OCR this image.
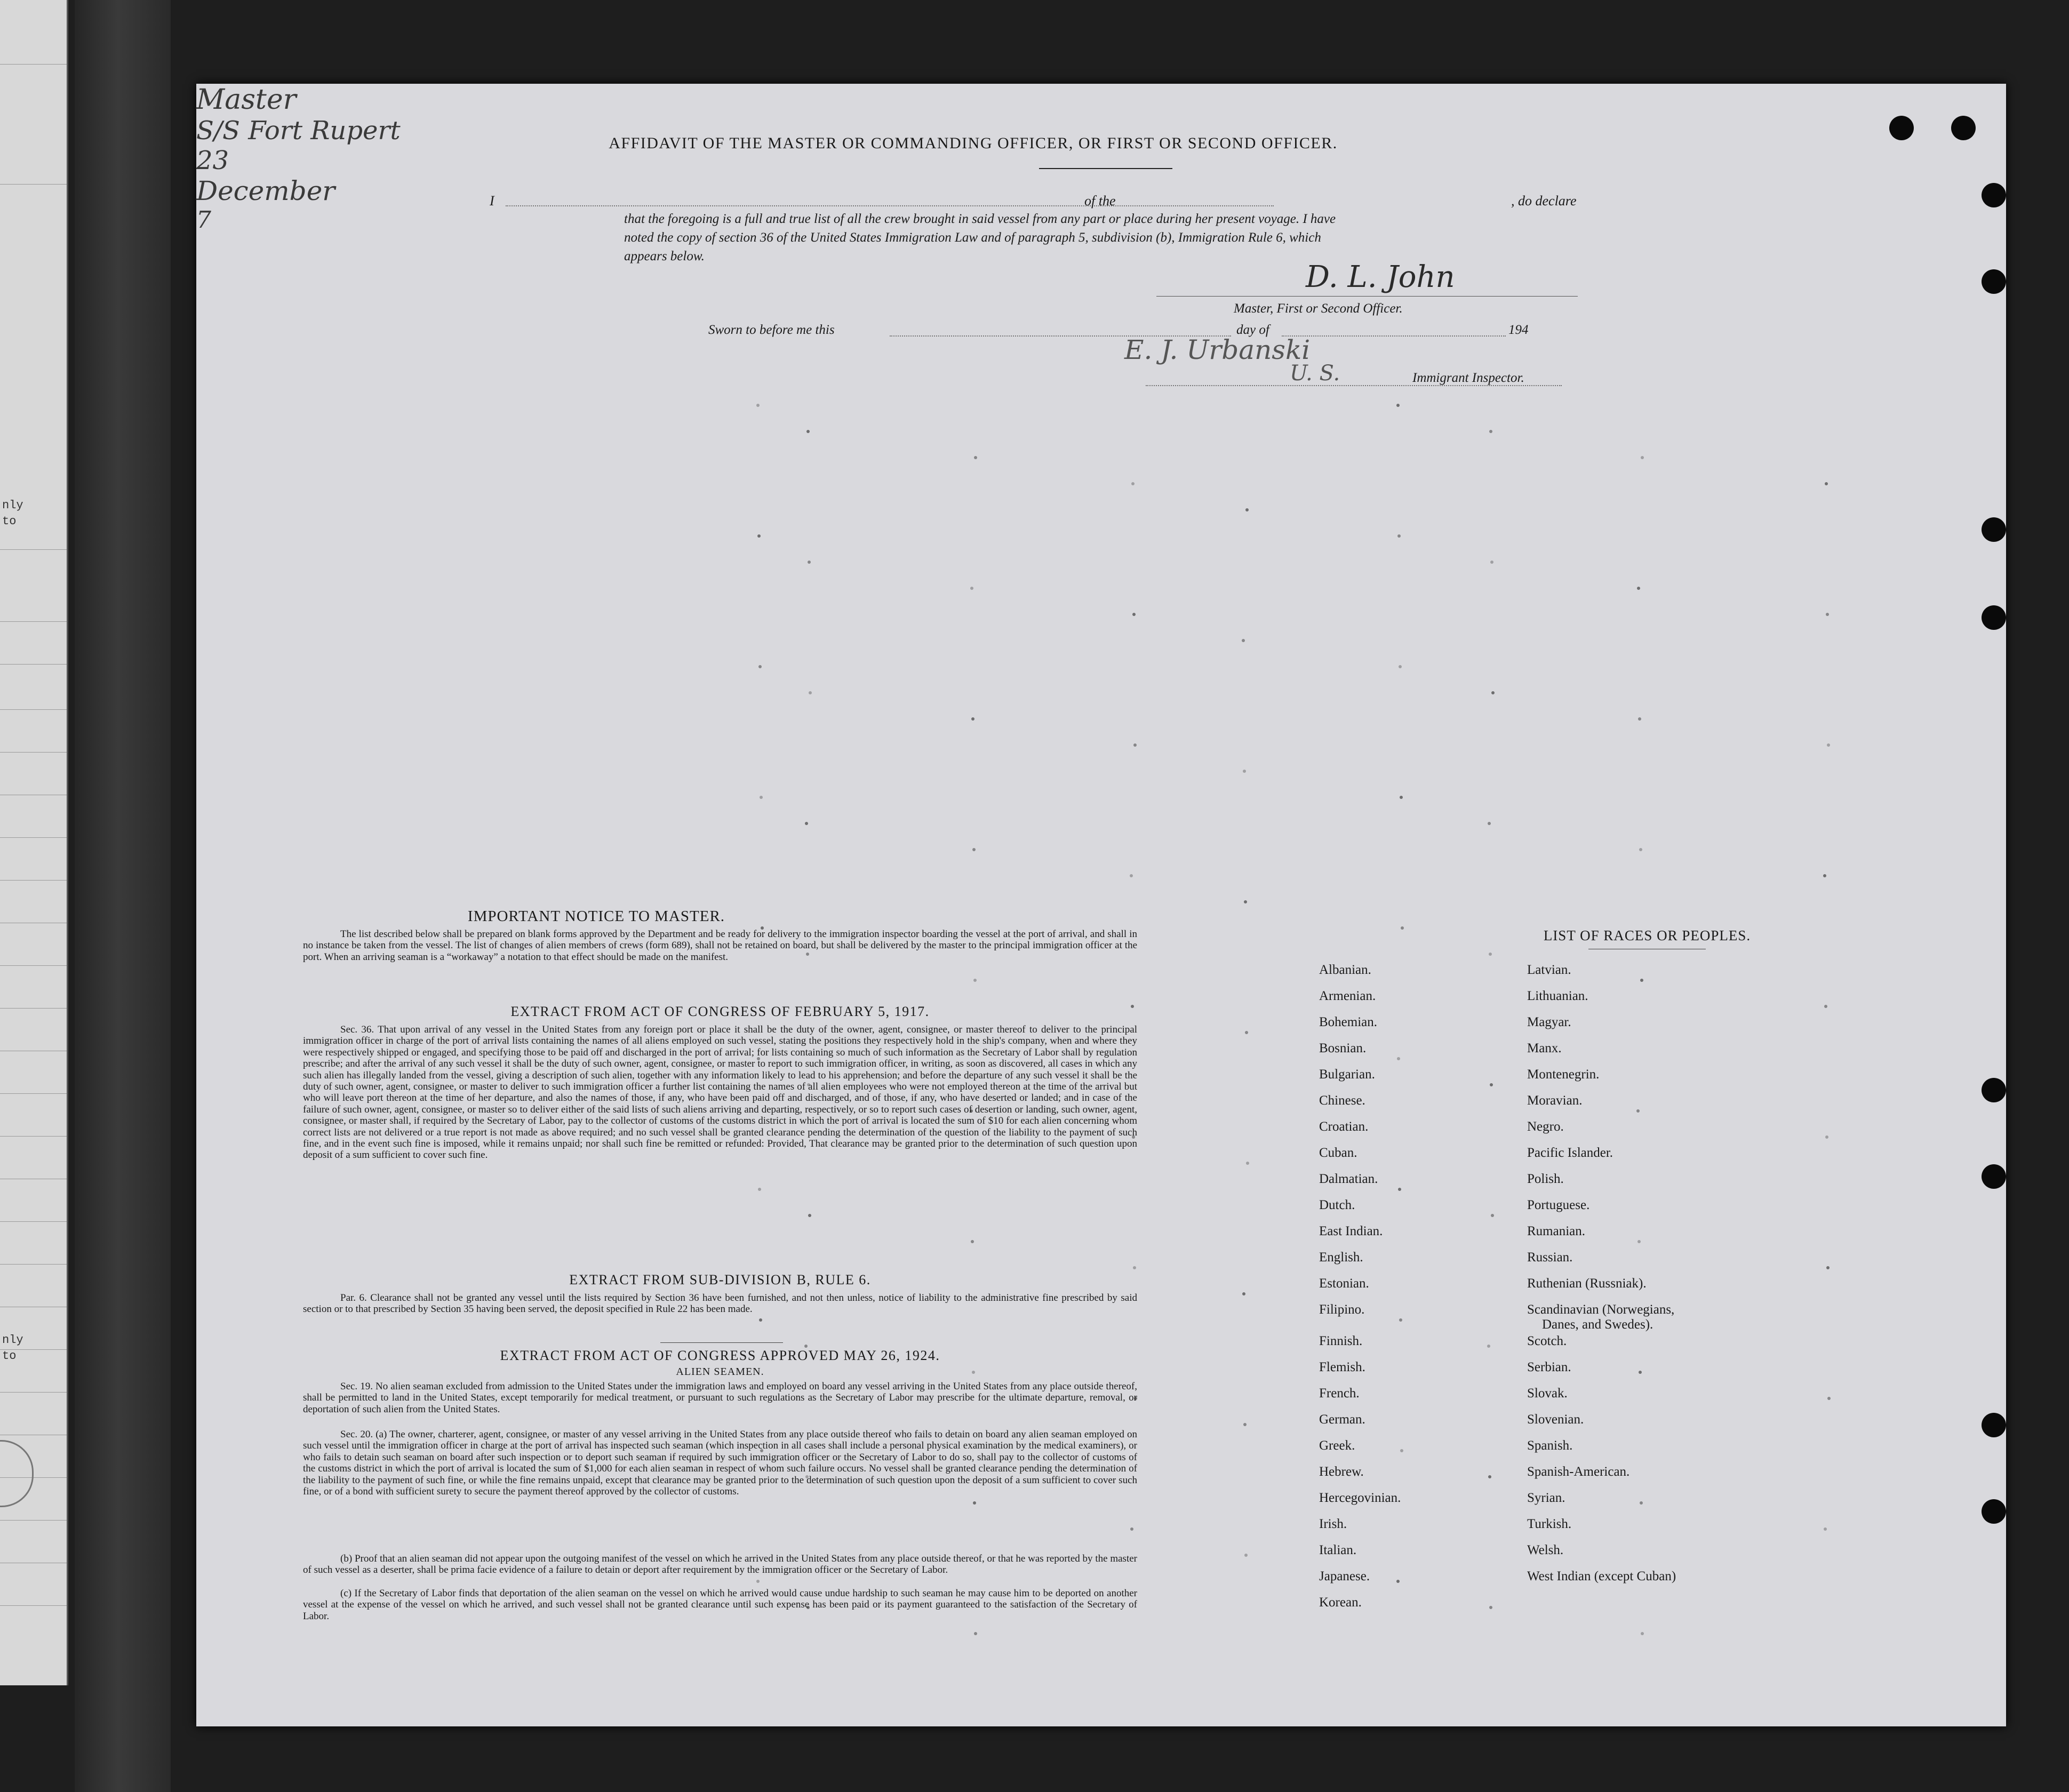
nly
to
nly
to
AFFIDAVIT OF THE MASTER OR COMMANDING OFFICER, OR FIRST OR SECOND OFFICER.
I
Master
of the
S/S Fort Rupert
, do declare
that the foregoing is a full and true list of all the crew brought in said vessel from any part or place during her present voyage. I have
noted the copy of section 36 of the United States Immigration Law and of paragraph 5, subdivision (b), Immigration Rule 6, which
appears below.
D. L. John
Master, First or Second Officer.
Sworn to before me this
23
day of
December
194
7
E. J. Urbanski
U. S.	Immigrant Inspector.
IMPORTANT NOTICE TO MASTER.
The list described below shall be prepared on blank forms approved by the Department and be ready for delivery to the immigration inspector boarding the vessel at the port of arrival, and shall in no instance be taken from the vessel. The list of changes of alien members of crews (form 689), shall not be retained on board, but shall be delivered by the master to the principal immigration officer at the port. When an arriving seaman is a “workaway” a notation to that effect should be made on the manifest.
EXTRACT FROM ACT OF CONGRESS OF FEBRUARY 5, 1917.
Sec. 36. That upon arrival of any vessel in the United States from any foreign port or place it shall be the duty of the owner, agent, consignee, or master thereof to deliver to the principal immigration officer in charge of the port of arrival lists containing the names of all aliens employed on such vessel, stating the positions they respectively hold in the ship's company, when and where they were respectively shipped or engaged, and specifying those to be paid off and discharged in the port of arrival; for lists containing so much of such information as the Secretary of Labor shall by regulation prescribe; and after the arrival of any such vessel it shall be the duty of such owner, agent, consignee, or master to report to such immigration officer, in writing, as soon as discovered, all cases in which any such alien has illegally landed from the vessel, giving a description of such alien, together with any information likely to lead to his apprehension; and before the departure of any such vessel it shall be the duty of such owner, agent, consignee, or master to deliver to such immigration officer a further list containing the names of all alien employees who were not employed thereon at the time of the arrival but who will leave port thereon at the time of her departure, and also the names of those, if any, who have been paid off and discharged, and of those, if any, who have deserted or landed; and in case of the failure of such owner, agent, consignee, or master so to deliver either of the said lists of such aliens arriving and departing, respectively, or so to report such cases of desertion or landing, such owner, agent, consignee, or master shall, if required by the Secretary of Labor, pay to the collector of customs of the customs district in which the port of arrival is located the sum of $10 for each alien concerning whom correct lists are not delivered or a true report is not made as above required; and no such vessel shall be granted clearance pending the determination of the question of the liability to the payment of such fine, and in the event such fine is imposed, while it remains unpaid; nor shall such fine be remitted or refunded: Provided, That clearance may be granted prior to the determination of such question upon deposit of a sum sufficient to cover such fine.
EXTRACT FROM SUB-DIVISION B, RULE 6.
Par. 6. Clearance shall not be granted any vessel until the lists required by Section 36 have been furnished, and not then unless, notice of liability to the administrative fine prescribed by said section or to that prescribed by Section 35 having been served, the deposit specified in Rule 22 has been made.
EXTRACT FROM ACT OF CONGRESS APPROVED MAY 26, 1924.
ALIEN SEAMEN.
Sec. 19. No alien seaman excluded from admission to the United States under the immigration laws and employed on board any vessel arriving in the United States from any place outside thereof, shall be permitted to land in the United States, except temporarily for medical treatment, or pursuant to such regulations as the Secretary of Labor may prescribe for the ultimate departure, removal, or deportation of such alien from the United States.
Sec. 20. (a) The owner, charterer, agent, consignee, or master of any vessel arriving in the United States from any place outside thereof who fails to detain on board any alien seaman employed on such vessel until the immigration officer in charge at the port of arrival has inspected such seaman (which inspection in all cases shall include a personal physical examination by the medical examiners), or who fails to detain such seaman on board after such inspection or to deport such seaman if required by such immigration officer or the Secretary of Labor to do so, shall pay to the collector of customs of the customs district in which the port of arrival is located the sum of $1,000 for each alien seaman in respect of whom such failure occurs. No vessel shall be granted clearance pending the determination of the liability to the payment of such fine, or while the fine remains unpaid, except that clearance may be granted prior to the determination of such question upon the deposit of a sum sufficient to cover such fine, or of a bond with sufficient surety to secure the payment thereof approved by the collector of customs.
(b) Proof that an alien seaman did not appear upon the outgoing manifest of the vessel on which he arrived in the United States from any place outside thereof, or that he was reported by the master of such vessel as a deserter, shall be prima facie evidence of a failure to detain or deport after requirement by the immigration officer or the Secretary of Labor.
(c) If the Secretary of Labor finds that deportation of the alien seaman on the vessel on which he arrived would cause undue hardship to such seaman he may cause him to be deported on another vessel at the expense of the vessel on which he arrived, and such vessel shall not be granted clearance until such expense has been paid or its payment guaranteed to the satisfaction of the Secretary of Labor.
LIST OF RACES OR PEOPLES.
Albanian.
Armenian.
Bohemian.
Bosnian.
Bulgarian.
Chinese.
Croatian.
Cuban.
Dalmatian.
Dutch.
East Indian.
English.
Estonian.
Filipino.
Finnish.
Flemish.
French.
German.
Greek.
Hebrew.
Hercegovinian.
Irish.
Italian.
Japanese.
Korean.
Latvian.
Lithuanian.
Magyar.
Manx.
Montenegrin.
Moravian.
Negro.
Pacific Islander.
Polish.
Portuguese.
Rumanian.
Russian.
Ruthenian (Russniak).
Scandinavian (Norwegians,
Danes, and Swedes).
Scotch.
Serbian.
Slovak.
Slovenian.
Spanish.
Spanish-American.
Syrian.
Turkish.
Welsh.
West Indian (except Cuban)
